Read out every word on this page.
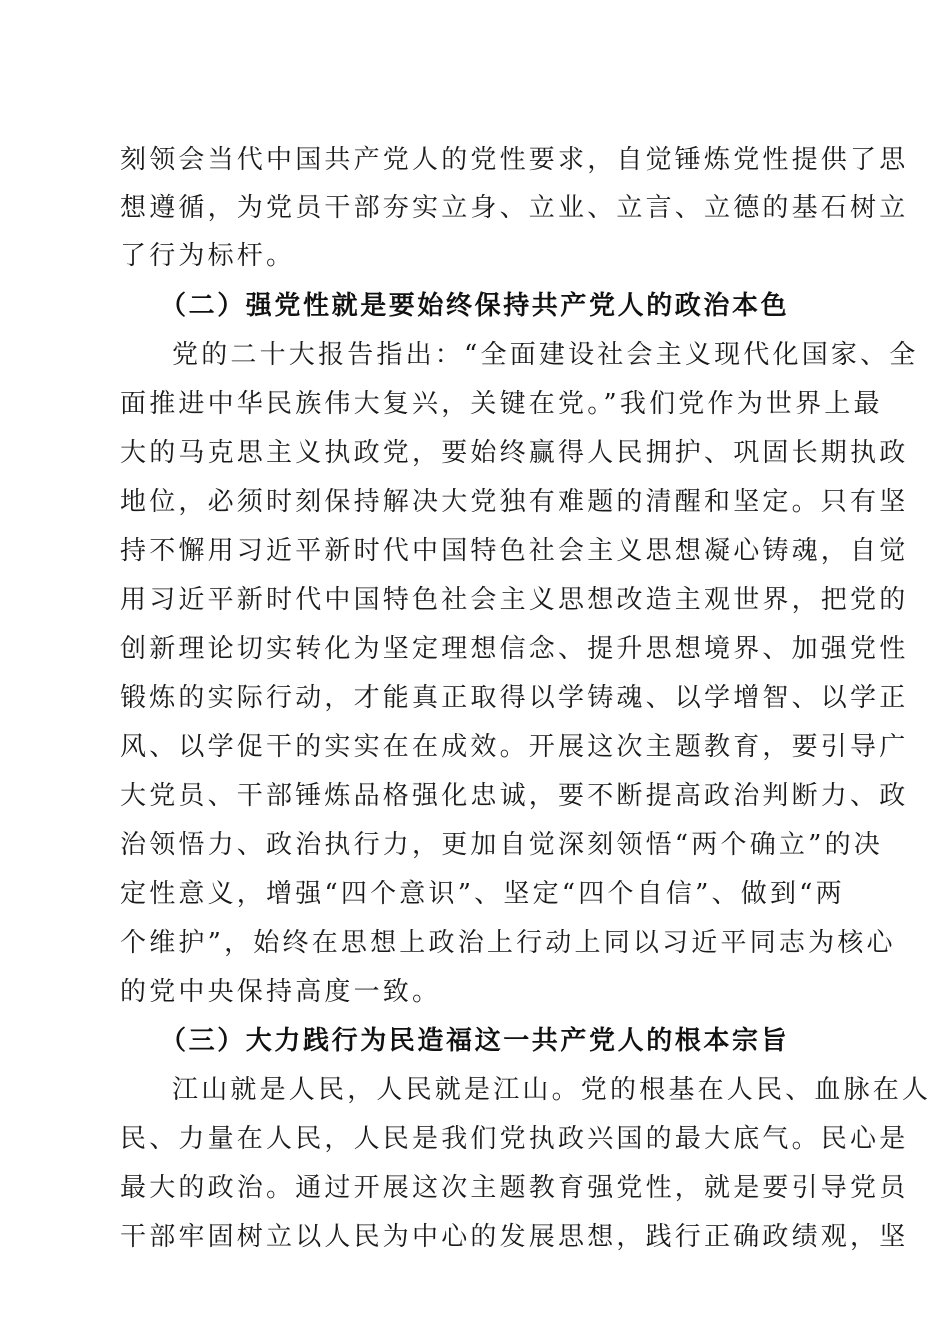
刻领会当代中国共产党人的党性要求，自觉锤炼党性提供了思
想遵循，为党员干部夯实立身、立业、立言、立德的基石树立
了行为标杆。
（二）强党性就是要始终保持共产党人的政治本色
党的二十大报告指出：“全面建设社会主义现代化国家、全
面推进中华民族伟大复兴，关键在党。”我们党作为世界上最
大的马克思主义执政党，要始终赢得人民拥护、巩固长期执政
地位，必须时刻保持解决大党独有难题的清醒和坚定。只有坚
持不懈用习近平新时代中国特色社会主义思想凝心铸魂，自觉
用习近平新时代中国特色社会主义思想改造主观世界，把党的
创新理论切实转化为坚定理想信念、提升思想境界、加强党性
锻炼的实际行动，才能真正取得以学铸魂、以学增智、以学正
风、以学促干的实实在在成效。开展这次主题教育，要引导广
大党员、干部锤炼品格强化忠诚，要不断提高政治判断力、政
治领悟力、政治执行力，更加自觉深刻领悟“两个确立”的决
定性意义，增强“四个意识”、坚定“四个自信”、做到“两
个维护”，始终在思想上政治上行动上同以习近平同志为核心
的党中央保持高度一致。
（三）大力践行为民造福这一共产党人的根本宗旨
江山就是人民，人民就是江山。党的根基在人民、血脉在人
民、力量在人民，人民是我们党执政兴国的最大底气。民心是
最大的政治。通过开展这次主题教育强党性，就是要引导党员
干部牢固树立以人民为中心的发展思想，践行正确政绩观，坚
